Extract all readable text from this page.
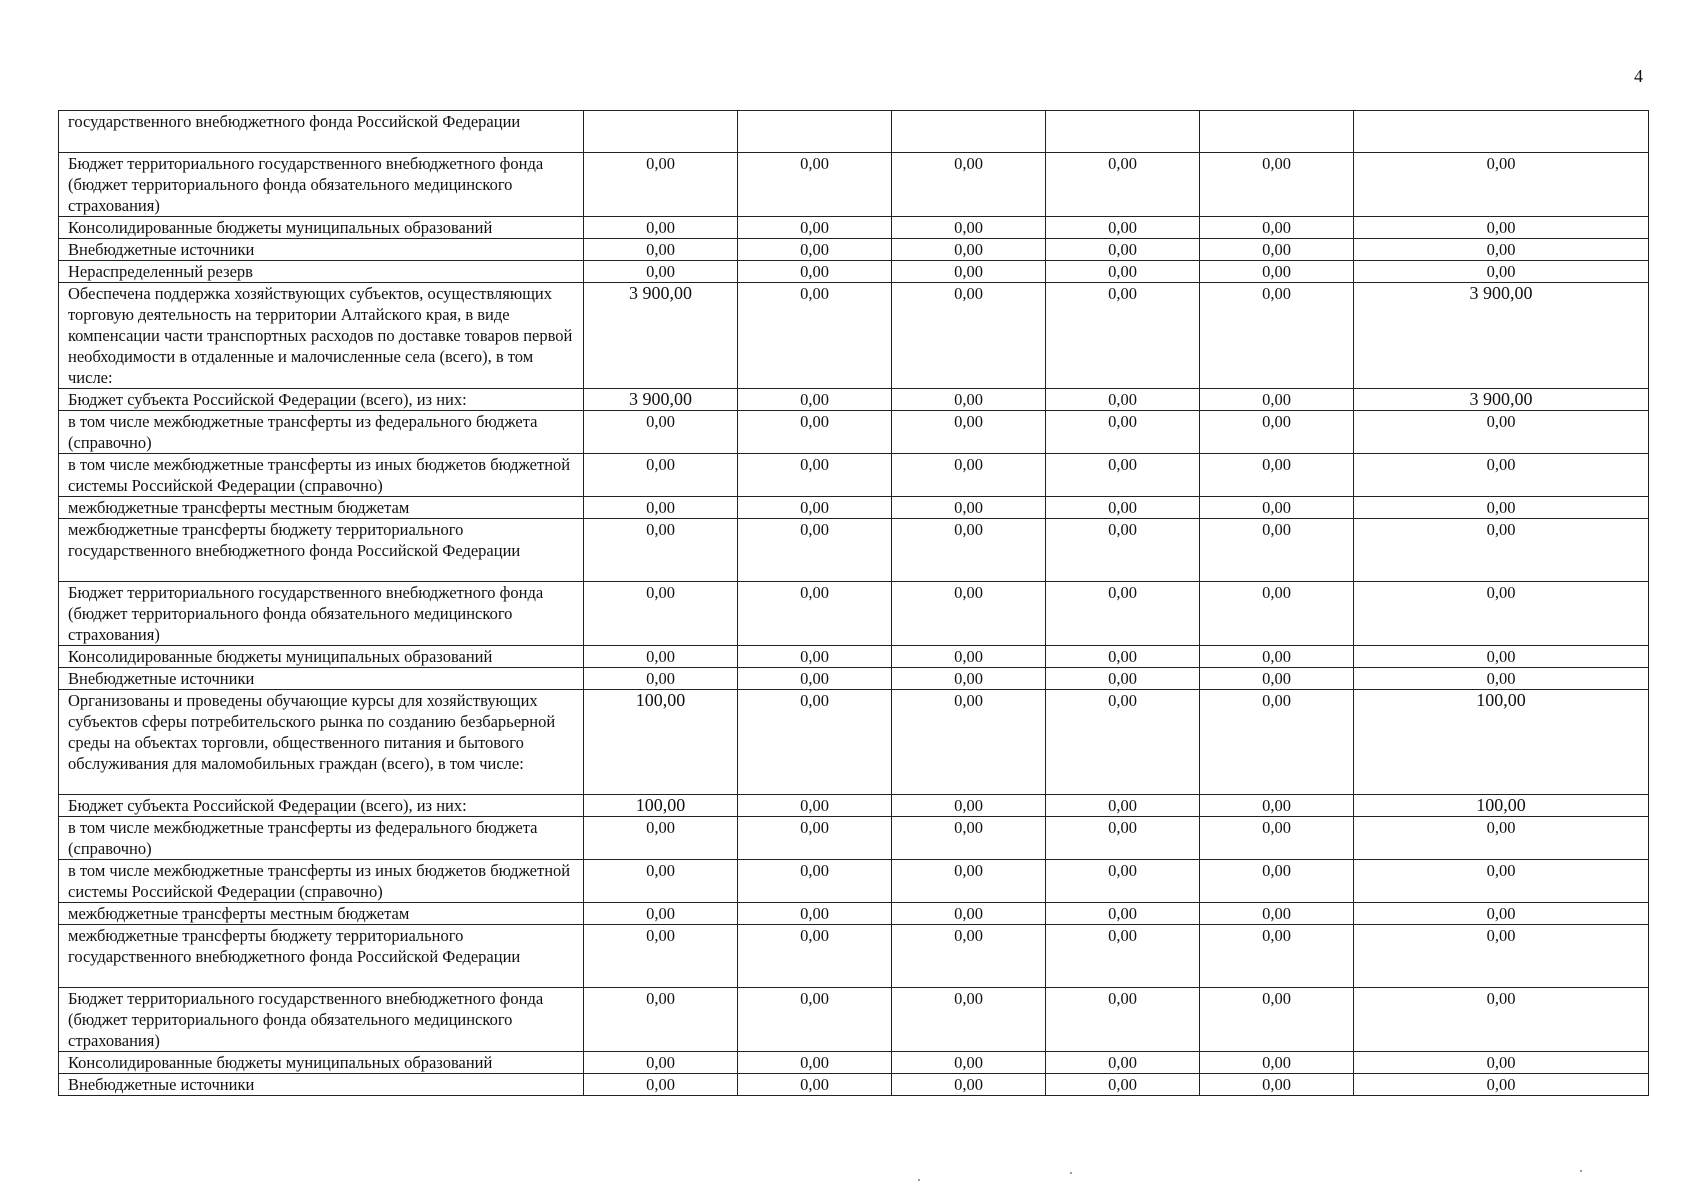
4
государственного внебюджетного фонда Российской Федерации						
Бюджет территориального государственного внебюджетного фонда (бюджет территориального фонда обязательного медицинского страхования)	0,00	0,00	0,00	0,00	0,00	0,00
Консолидированные бюджеты муниципальных образований	0,00	0,00	0,00	0,00	0,00	0,00
Внебюджетные источники	0,00	0,00	0,00	0,00	0,00	0,00
Нераспределенный резерв	0,00	0,00	0,00	0,00	0,00	0,00
Обеспечена поддержка хозяйствующих субъектов, осуществляющих торговую деятельность на территории Алтайского края, в виде компенсации части транспортных расходов по доставке товаров первой необходимости в отдаленные и малочисленные села (всего), в том числе:	3 900,00	0,00	0,00	0,00	0,00	3 900,00
Бюджет субъекта Российской Федерации (всего), из них:	3 900,00	0,00	0,00	0,00	0,00	3 900,00
в том числе межбюджетные трансферты из федерального бюджета (справочно)	0,00	0,00	0,00	0,00	0,00	0,00
в том числе межбюджетные трансферты из иных бюджетов бюджетной системы Российской Федерации (справочно)	0,00	0,00	0,00	0,00	0,00	0,00
межбюджетные трансферты местным бюджетам	0,00	0,00	0,00	0,00	0,00	0,00
межбюджетные трансферты бюджету территориального государственного внебюджетного фонда Российской Федерации	0,00	0,00	0,00	0,00	0,00	0,00
Бюджет территориального государственного внебюджетного фонда (бюджет территориального фонда обязательного медицинского страхования)	0,00	0,00	0,00	0,00	0,00	0,00
Консолидированные бюджеты муниципальных образований	0,00	0,00	0,00	0,00	0,00	0,00
Внебюджетные источники	0,00	0,00	0,00	0,00	0,00	0,00
Организованы и проведены обучающие курсы для хозяйствующих субъектов сферы потребительского рынка по созданию безбарьерной среды на объектах торговли, общественного питания и бытового обслуживания для маломобильных граждан (всего), в том числе:	100,00	0,00	0,00	0,00	0,00	100,00
Бюджет субъекта Российской Федерации (всего), из них:	100,00	0,00	0,00	0,00	0,00	100,00
в том числе межбюджетные трансферты из федерального бюджета (справочно)	0,00	0,00	0,00	0,00	0,00	0,00
в том числе межбюджетные трансферты из иных бюджетов бюджетной системы Российской Федерации (справочно)	0,00	0,00	0,00	0,00	0,00	0,00
межбюджетные трансферты местным бюджетам	0,00	0,00	0,00	0,00	0,00	0,00
межбюджетные трансферты бюджету территориального государственного внебюджетного фонда Российской Федерации	0,00	0,00	0,00	0,00	0,00	0,00
Бюджет территориального государственного внебюджетного фонда (бюджет территориального фонда обязательного медицинского страхования)	0,00	0,00	0,00	0,00	0,00	0,00
Консолидированные бюджеты муниципальных образований	0,00	0,00	0,00	0,00	0,00	0,00
Внебюджетные источники	0,00	0,00	0,00	0,00	0,00	0,00
